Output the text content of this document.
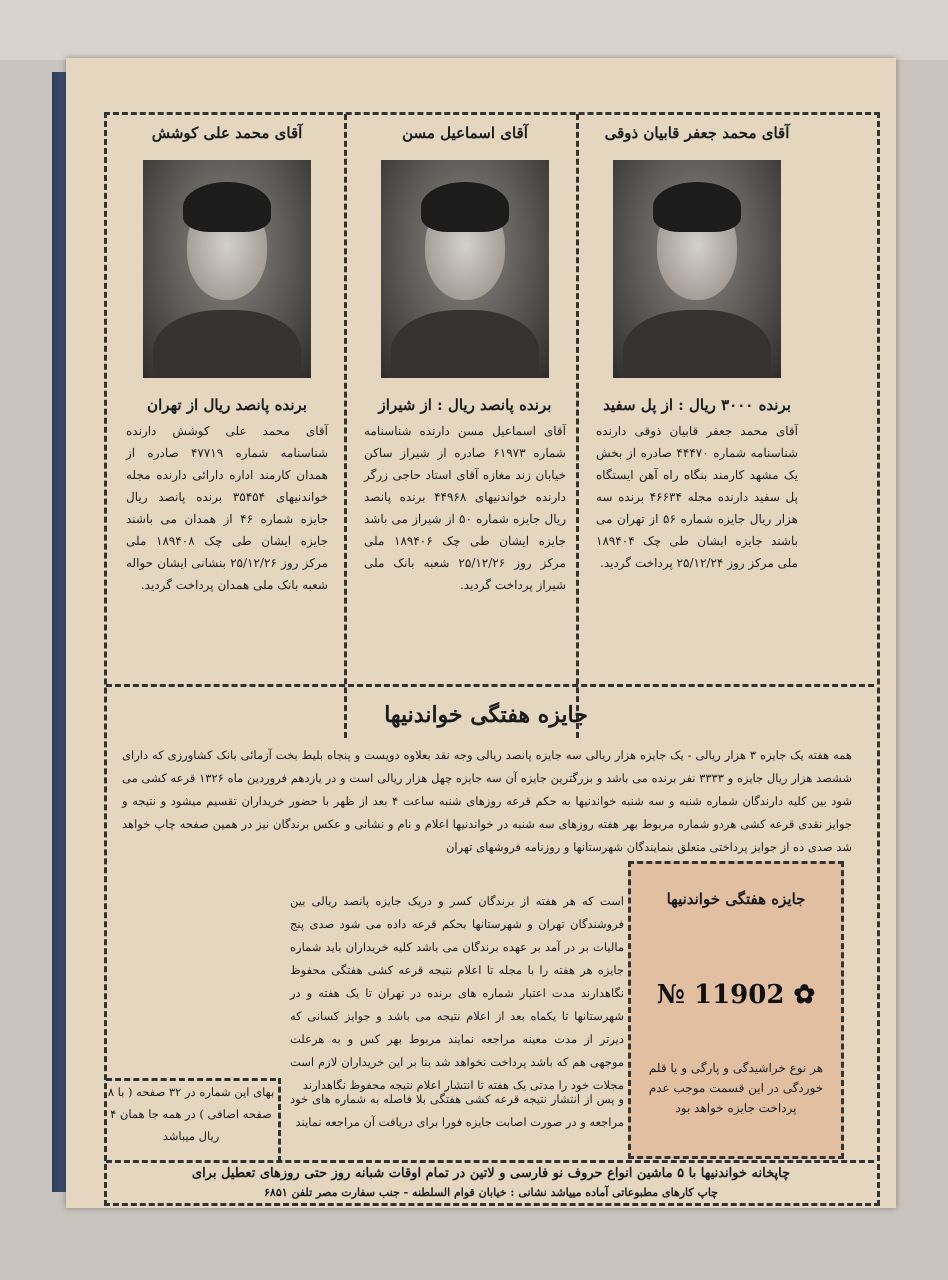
آقای محمد جعفر قابیان ذوقی
برنده ۳۰۰۰ ریال : از پل سفید
آقای محمد جعفر قابیان ذوقی دارنده شناسنامه شماره ۴۴۴۷۰ صادره از بخش یک مشهد کارمند بنگاه راه آهن ایستگاه پل سفید دارنده مجله ۴۶۶۳۴ برنده سه هزار ریال جایزه شماره ۵۶ از تهران می باشند جایزه ایشان طی چک ۱۸۹۴۰۴ ملی مرکز روز ۲۵/۱۲/۲۴ پرداخت گردید.
آقای اسماعیل مسن
برنده پانصد ریال : از شیراز
آقای اسماعیل مسن دارنده شناسنامه شماره ۶۱۹۷۳ صادره از شیراز ساکن خیابان زند مغازه آقای استاد حاجی زرگر دارنده خواندنیهای ۴۴۹۶۸ برنده پانصد ریال جایزه شماره ۵۰ از شیراز می باشد جایزه ایشان طی چک ۱۸۹۴۰۶ ملی مرکز روز ۲۵/۱۲/۲۶ شعبه بانک ملی شیراز پرداخت گردید.
آقای محمد علی کوشش
برنده پانصد ریال از تهران
آقای محمد علی کوشش دارنده شناسنامه شماره ۴۷۷۱۹ صادره از همدان کارمند اداره دارائی دارنده مجله خواندنیهای ۳۵۴۵۴ برنده پانصد ریال جایزه شماره ۴۶ از همدان می باشند جایزه ایشان طی چک ۱۸۹۴۰۸ ملی مرکز روز ۲۵/۱۲/۲۶ بنشانی ایشان حواله شعبه بانک ملی همدان پرداخت گردید.
جایزه هفتگی خواندنیها
همه هفته یک جایزه ۳ هزار ریالی - یک جایزه هزار ریالی سه جایزه پانصد ریالی وجه نقد بعلاوه دویست و پنجاه بلیط بخت آزمائی بانک کشاورزی که دارای ششصد هزار ریال جایزه و ۳۳۳۳ نفر برنده می باشد و بزرگترین جایزه آن سه جایزه چهل هزار ریالی است و در یازدهم فروردین ماه ۱۳۲۶ قرعه کشی می شود بین کلیه دارندگان شماره شنبه و سه شنبه خواندنیها به حکم قرعه روزهای شنبه ساعت ۴ بعد از ظهر با حضور خریداران تقسیم میشود و نتیجه و جوایز نقدی قرعه کشی هردو شماره مربوط بهر هفته روزهای سه شنبه در خواندنیها اعلام و نام و نشانی و عکس برندگان نیز در همین صفحه چاپ خواهد شد صدی ده از جوایز پرداختی متعلق بنمایندگان شهرستانها و روزنامه فروشهای تهران
است که هر هفته از برندگان کسر و دریک جایزه پانصد ریالی بین فروشندگان تهران و شهرستانها بحکم قرعه داده می شود صدی پنج مالیات بر در آمد بر عهده برندگان می باشد کلیه خریداران باید شماره جایزه هر هفته را با مجله تا اعلام نتیجه قرعه کشی هفتگی محفوظ نگاهدارند مدت اعتبار شماره های برنده در تهران تا یک هفته و در شهرستانها تا یکماه بعد از اعلام نتیجه می باشد و جوایز کسانی که دیرتر از مدت معینه مراجعه نمایند مربوط بهر کس و به هرعلت موجهی هم که باشد پرداخت نخواهد شد بنا بر این خریداران لازم است مجلات خود را مدتی یک هفته تا انتشار اعلام نتیجه محفوظ نگاهدارند
و پس از انتشار نتیجه قرعه کشی هفتگی بلا فاصله به شماره های خود مراجعه و در صورت اصابت جایزه فورا برای دریافت آن مراجعه نمایند
جایزه هفتگی خواندنیها
№ 11902 ✿
هر نوع خراشیدگی و پارگی و یا قلم خوردگی در این قسمت موجب عدم پرداخت جایزه خواهد بود
بهای این شماره در ۳۲ صفحه ( با ۸ صفحه اضافی ) در همه جا همان ۴ ریال میباشد
چاپخانه خواندنیها با ۵ ماشین انواع حروف نو فارسی و لاتین در تمام اوقات شبانه روز حتی روزهای تعطیل برای
چاپ کارهای مطبوعاتی آماده مییاشد نشانی : خیابان قوام السلطنه - جنب سفارت مصر تلفن ۶۸۵۱
